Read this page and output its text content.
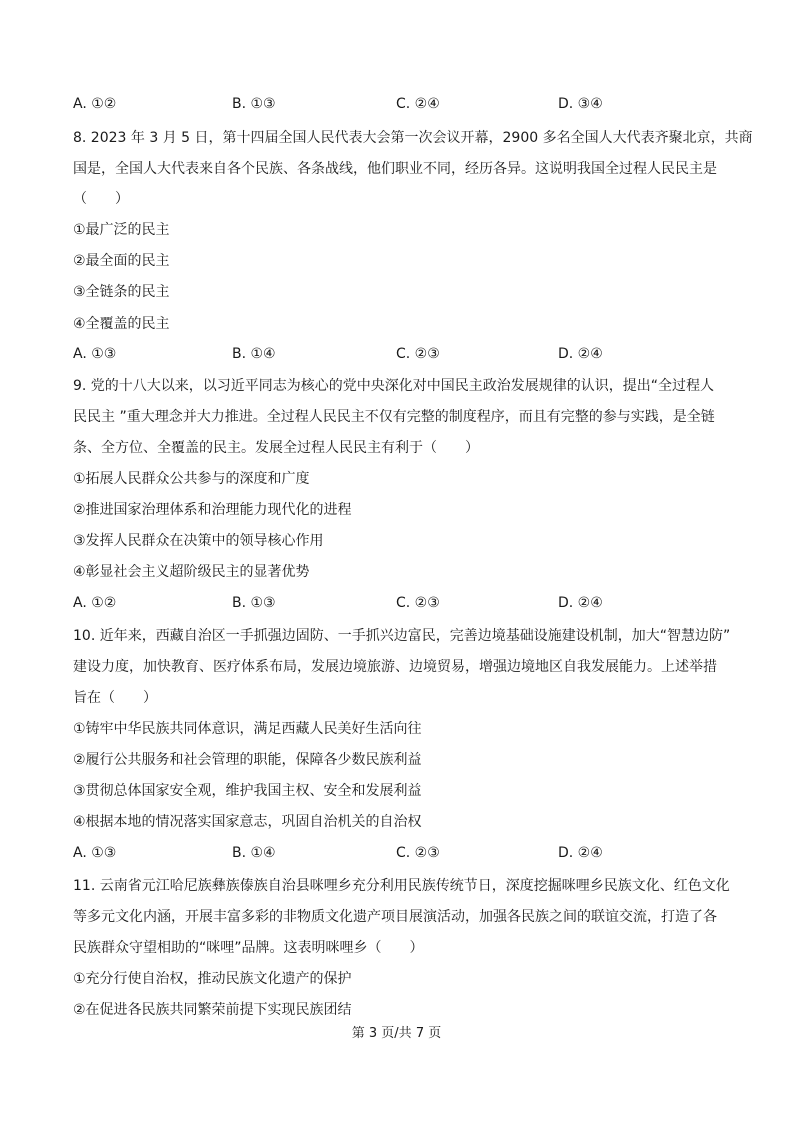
A. ①②	B. ①③	C. ②④	D. ③④
8. 2023 年 3 月 5 日，第十四届全国人民代表大会第一次会议开幕，2900 多名全国人大代表齐聚北京，共商
国是，全国人大代表来自各个民族、各条战线，他们职业不同，经历各异。这说明我国全过程人民民主是
（　　）
①最广泛的民主
②最全面的民主
③全链条的民主
④全覆盖的民主
A. ①③	B. ①④	C. ②③	D. ②④
9. 党的十八大以来，以习近平同志为核心的党中央深化对中国民主政治发展规律的认识，提出“全过程人
民民主 ”重大理念并大力推进。全过程人民民主不仅有完整的制度程序，而且有完整的参与实践，是全链
条、全方位、全覆盖的民主。发展全过程人民民主有利于（　　）
①拓展人民群众公共参与的深度和广度
②推进国家治理体系和治理能力现代化的进程
③发挥人民群众在决策中的领导核心作用
④彰显社会主义超阶级民主的显著优势
A. ①②	B. ①③	C. ②③	D. ②④
10. 近年来，西藏自治区一手抓强边固防、一手抓兴边富民，完善边境基础设施建设机制，加大“智慧边防”
建设力度，加快教育、医疗体系布局，发展边境旅游、边境贸易，增强边境地区自我发展能力。上述举措
旨在（　　）
①铸牢中华民族共同体意识，满足西藏人民美好生活向往
②履行公共服务和社会管理的职能，保障各少数民族利益
③贯彻总体国家安全观，维护我国主权、安全和发展利益
④根据本地的情况落实国家意志，巩固自治机关的自治权
A. ①③	B. ①④	C. ②③	D. ②④
11. 云南省元江哈尼族彝族傣族自治县咪哩乡充分利用民族传统节日，深度挖掘咪哩乡民族文化、红色文化
等多元文化内涵，开展丰富多彩的非物质文化遗产项目展演活动，加强各民族之间的联谊交流，打造了各
民族群众守望相助的“咪哩”品牌。这表明咪哩乡（　　）
①充分行使自治权，推动民族文化遗产的保护
②在促进各民族共同繁荣前提下实现民族团结
第 3 页/共 7 页
